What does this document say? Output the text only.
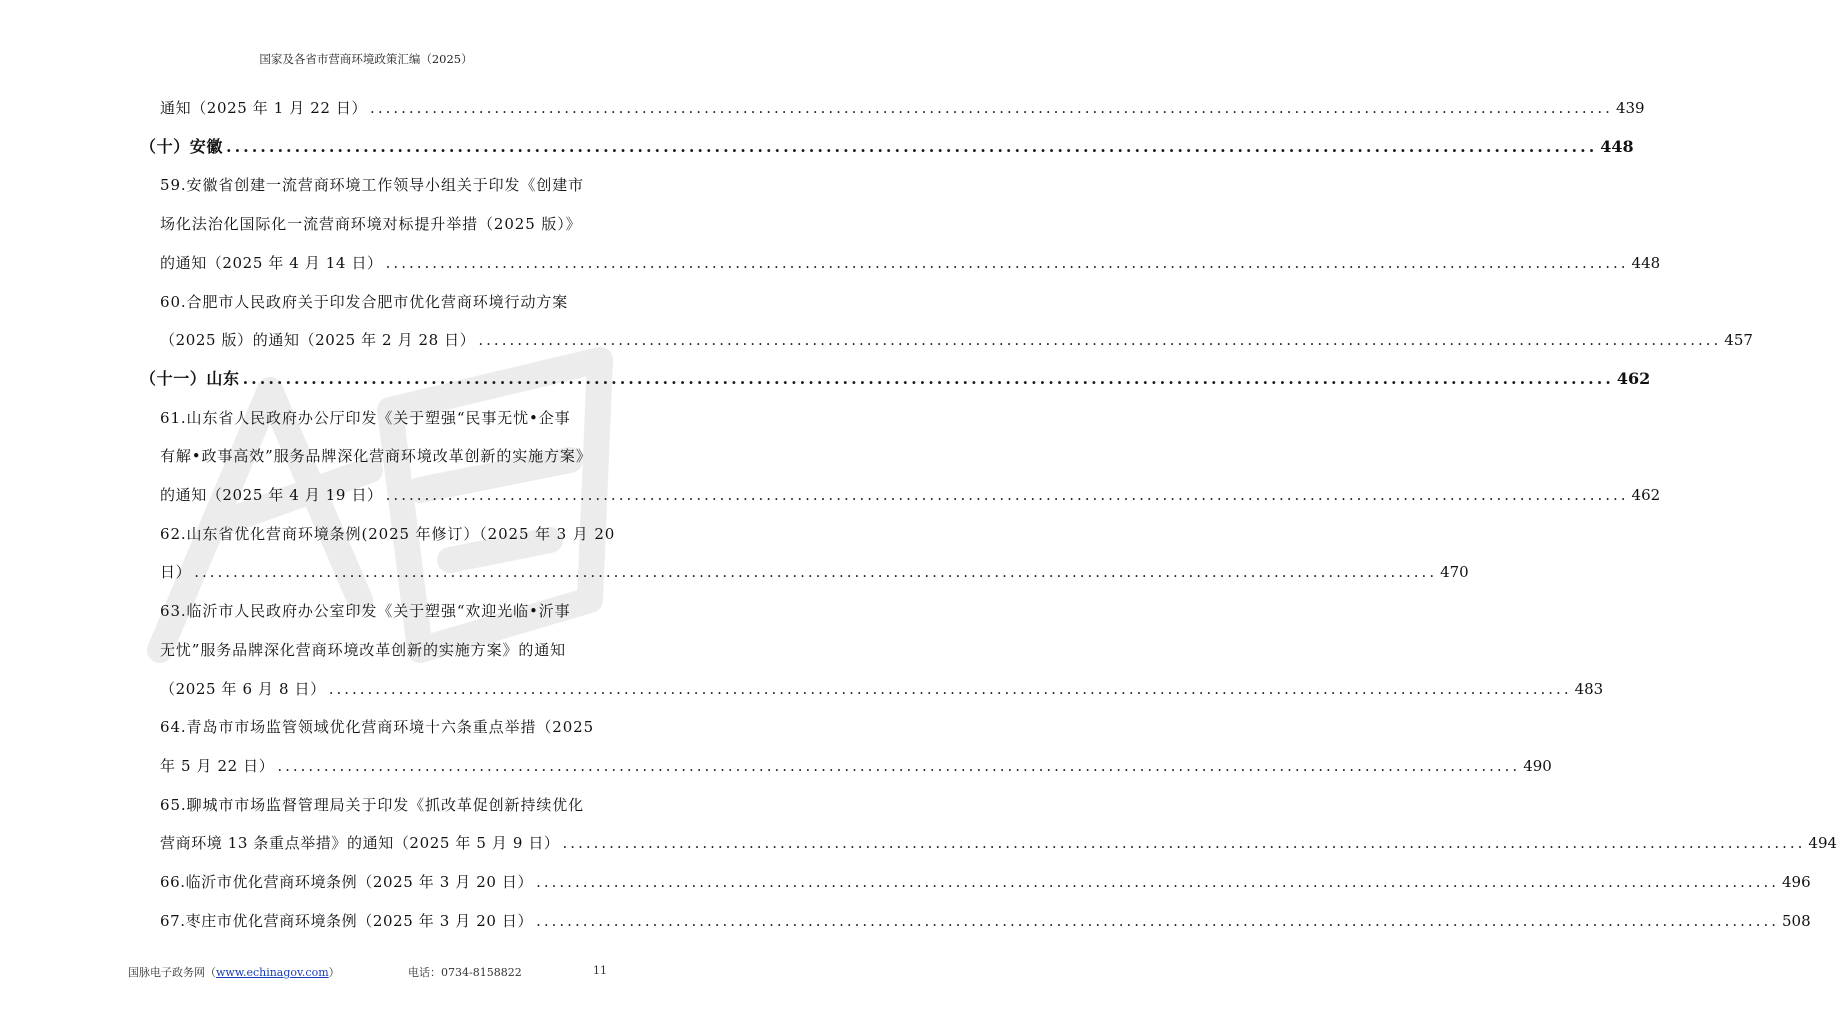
国家及各省市营商环境政策汇编（2025）
通知（2025 年 1 月 22 日） ................................................................................................................................................................ 439
（十）安徽 ................................................................................................................................................................ 448
59.安徽省创建一流营商环境工作领导小组关于印发《创建市
场化法治化国际化一流营商环境对标提升举措（2025 版）》
的通知（2025 年 4 月 14 日） ................................................................................................................................................................ 448
60.合肥市人民政府关于印发合肥市优化营商环境行动方案
（2025 版）的通知（2025 年 2 月 28 日） ................................................................................................................................................................ 457
（十一）山东 ................................................................................................................................................................ 462
61.山东省人民政府办公厅印发《关于塑强“民事无忧•企事
有解•政事高效”服务品牌深化营商环境改革创新的实施方案》
的通知（2025 年 4 月 19 日） ................................................................................................................................................................ 462
62.山东省优化营商环境条例(2025 年修订）（2025 年 3 月 20
日） ................................................................................................................................................................ 470
63.临沂市人民政府办公室印发《关于塑强“欢迎光临•沂事
无忧”服务品牌深化营商环境改革创新的实施方案》的通知
（2025 年 6 月 8 日） ................................................................................................................................................................ 483
64.青岛市市场监管领域优化营商环境十六条重点举措（2025
年 5 月 22 日） ................................................................................................................................................................ 490
65.聊城市市场监督管理局关于印发《抓改革促创新持续优化
营商环境 13 条重点举措》的通知（2025 年 5 月 9 日） ................................................................................................................................................................ 494
66.临沂市优化营商环境条例（2025 年 3 月 20 日） ................................................................................................................................................................ 496
67.枣庄市优化营商环境条例（2025 年 3 月 20 日） ................................................................................................................................................................ 508
国脉电子政务网（www.echinagov.com）	电话：0734-8158822	11
